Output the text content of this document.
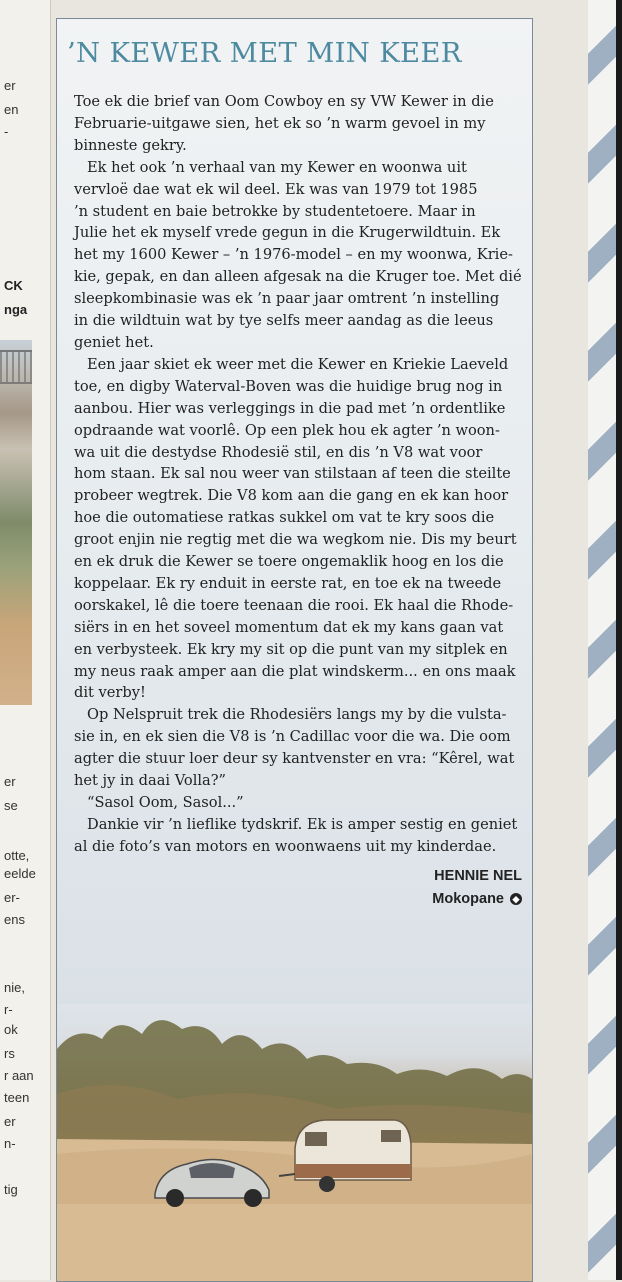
er
en
-
CK
nga
er
se
otte,
eelde
er-
ens
nie,
r-
ok
rs
r aan
teen
er
n-
tig
’N KEWER MET MIN KEER

Toe ek die brief van Oom Cowboy en sy VW Kewer in die
Februarie-uitgawe sien, het ek so ’n warm gevoel in my
binneste gekry.

Ek het ook ’n verhaal van my Kewer en woonwa uit
vervloë dae wat ek wil deel. Ek was van 1979 tot 1985
’n student en baie betrokke by studentetoere. Maar in
Julie het ek myself vrede gegun in die Krugerwildtuin. Ek
het my 1600 Kewer – ’n 1976-model – en my woonwa, Krie-
kie, gepak, en dan alleen afgesak na die Kruger toe. Met dié
sleepkombinasie was ek ’n paar jaar omtrent ’n instelling
in die wildtuin wat by tye selfs meer aandag as die leeus
geniet het.

Een jaar skiet ek weer met die Kewer en Kriekie Laeveld
toe, en digby Waterval-Boven was die huidige brug nog in
aanbou. Hier was verleggings in die pad met ’n ordentlike
opdraande wat voorlê. Op een plek hou ek agter ’n woon-
wa uit die destydse Rhodesië stil, en dis ’n V8 wat voor
hom staan. Ek sal nou weer van stilstaan af teen die steilte
probeer wegtrek. Die V8 kom aan die gang en ek kan hoor
hoe die outomatiese ratkas sukkel om vat te kry soos die
groot enjin nie regtig met die wa wegkom nie. Dis my beurt
en ek druk die Kewer se toere ongemaklik hoog en los die
koppelaar. Ek ry enduit in eerste rat, en toe ek na tweede
oorskakel, lê die toere teenaan die rooi. Ek haal die Rhode-
siërs in en het soveel momentum dat ek my kans gaan vat
en verbysteek. Ek kry my sit op die punt van my sitplek en
my neus raak amper aan die plat windskerm... en ons maak
dit verby!

Op Nelspruit trek die Rhodesiërs langs my by die vulsta-
sie in, en ek sien die V8 is ’n Cadillac voor die wa. Die oom
agter die stuur loer deur sy kantvenster en vra: “Kêrel, wat
het jy in daai Volla?”

“Sasol Oom, Sasol...”

Dankie vir ’n lieflike tydskrif. Ek is amper sestig en geniet
al die foto’s van motors en woonwaens uit my kinderdae.

HENNIE NEL
Mokopane ◆
